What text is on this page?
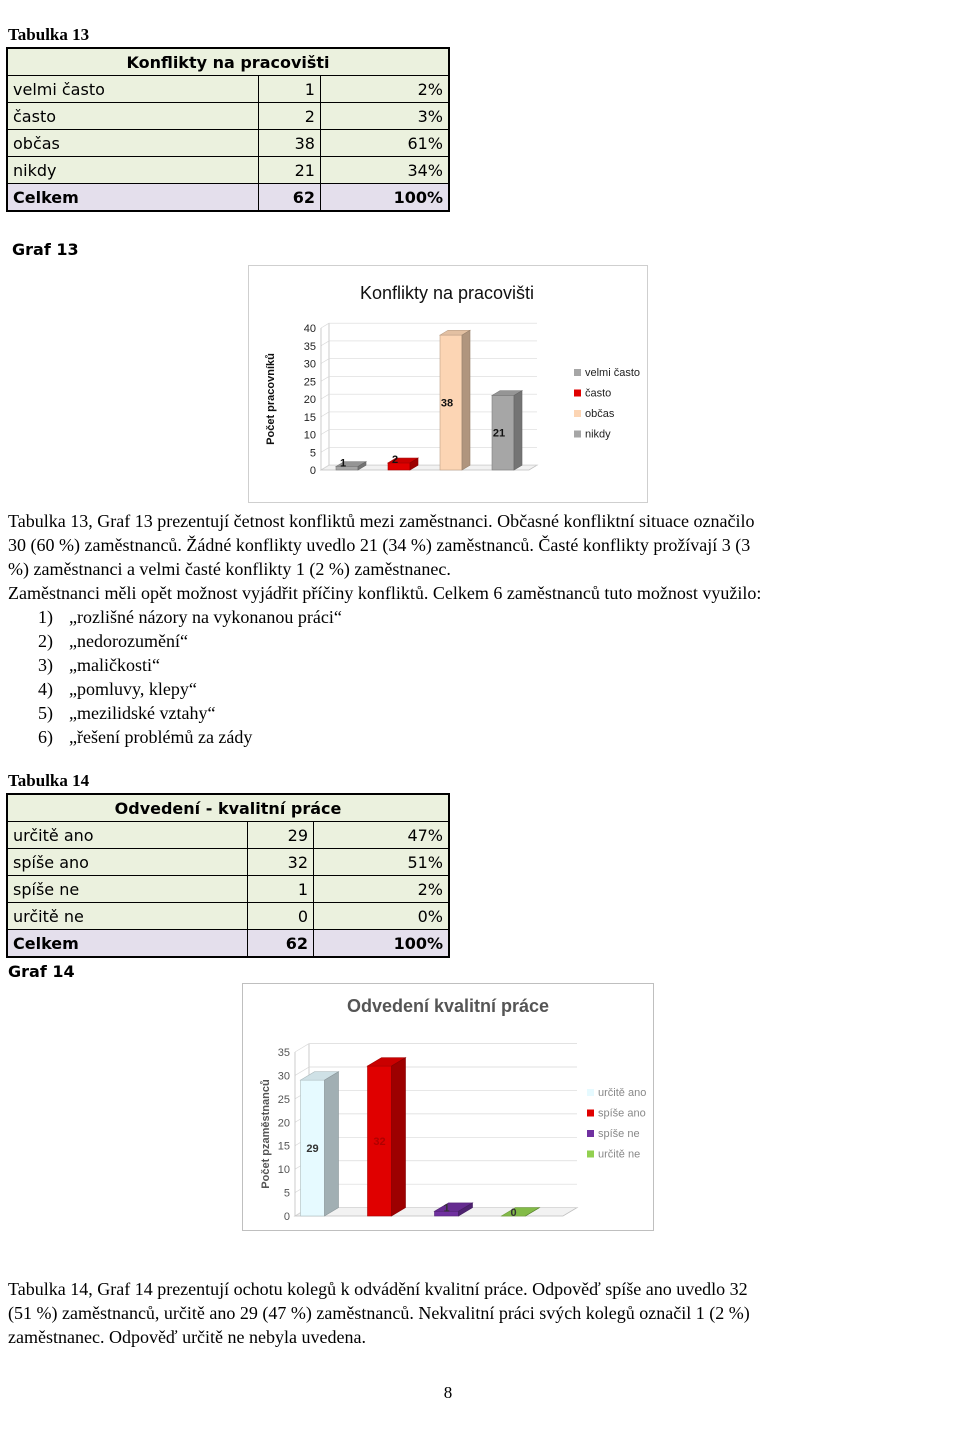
Tabulka 13
Konflikty na pracovišti		
velmi často	1	2%
často	2	3%
občas	38	61%
nikdy	21	34%
Celkem	62	100%
Graf 13
Konflikty na pracovišti
0
5
10
15
20
25
30
35
40
Počet pracovníků
1	2
38
21
velmi často
často
občas
nikdy
Tabulka 13, Graf 13 prezentují četnost konfliktů mezi zaměstnanci. Občasné konfliktní situace označilo
30 (60 %) zaměstnanců. Žádné konflikty uvedlo 21 (34 %) zaměstnanců. Časté konflikty prožívají 3 (3
%) zaměstnanci a velmi časté konflikty 1 (2 %) zaměstnanec.
Zaměstnanci měli opět možnost vyjádřit příčiny konfliktů. Celkem 6 zaměstnanců tuto možnost využilo:
1) „rozlišné názory na vykonanou práci“
2) „nedorozumění“
3) „maličkosti“
4) „pomluvy, klepy“
5) „mezilidské vztahy“
6) „řešení problémů za zády
Tabulka 14
Odvedení - kvalitní práce		
určitě ano	29	47%
spíše ano	32	51%
spíše ne	1	2%
určitě ne	0	0%
Celkem	62	100%
Graf 14
Odvedení kvalitní práce
0
5
10
15
20
25
30
35
Počet pzaměstnanců	29
32
1	0
určitě ano
spíše ano
spíše ne
určitě ne
Tabulka 14, Graf 14 prezentují ochotu kolegů k odvádění kvalitní práce. Odpověď spíše ano uvedlo 32
(51 %) zaměstnanců, určitě ano 29 (47 %) zaměstnanců. Nekvalitní práci svých kolegů označil 1 (2 %)
zaměstnanec. Odpověď určitě ne nebyla uvedena.
8
